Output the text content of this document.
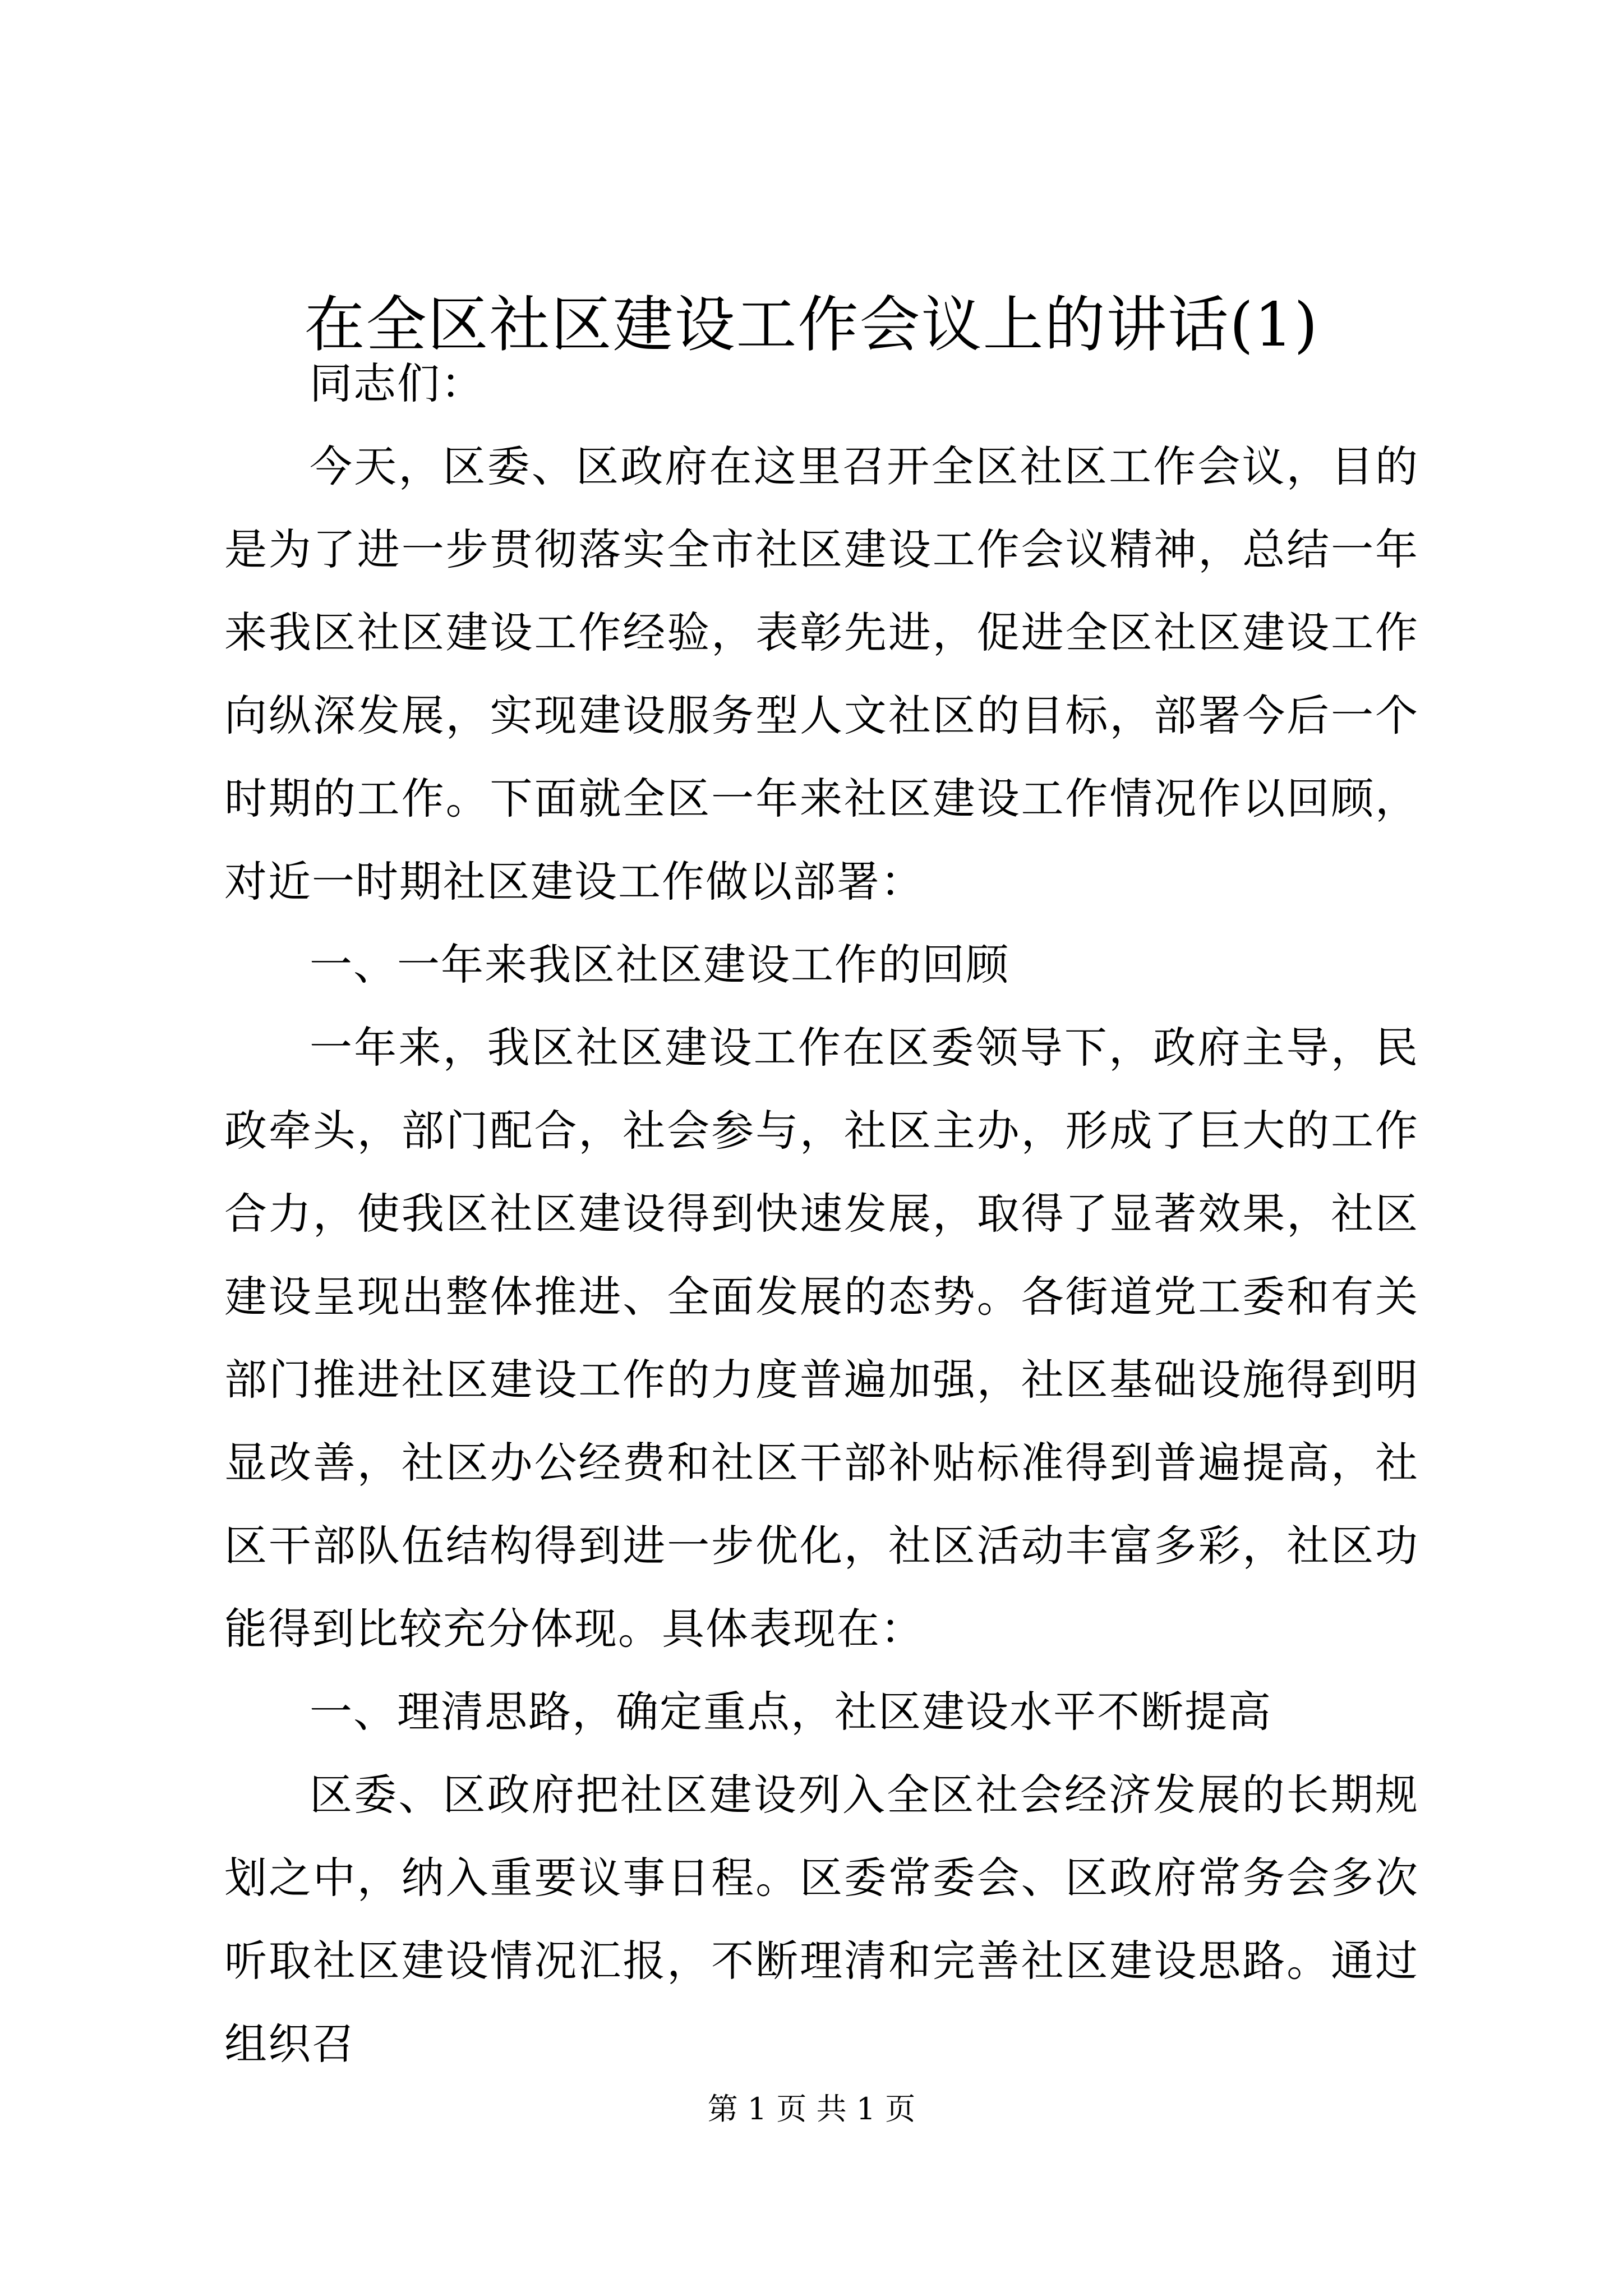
在全区社区建设工作会议上的讲话(1)

同志们：

今天，区委、区政府在这里召开全区社区工作会议，目的是为了进一步贯彻落实全市社区建设工作会议精神，总结一年来我区社区建设工作经验，表彰先进，促进全区社区建设工作向纵深发展，实现建设服务型人文社区的目标，部署今后一个时期的工作。下面就全区一年来社区建设工作情况作以回顾，对近一时期社区建设工作做以部署：

一、一年来我区社区建设工作的回顾

一年来，我区社区建设工作在区委领导下，政府主导，民政牵头，部门配合，社会参与，社区主办，形成了巨大的工作合力，使我区社区建设得到快速发展，取得了显著效果，社区建设呈现出整体推进、全面发展的态势。各街道党工委和有关部门推进社区建设工作的力度普遍加强，社区基础设施得到明显改善，社区办公经费和社区干部补贴标准得到普遍提高，社区干部队伍结构得到进一步优化，社区活动丰富多彩，社区功能得到比较充分体现。具体表现在：

一、理清思路，确定重点，社区建设水平不断提高

区委、区政府把社区建设列入全区社会经济发展的长期规划之中，纳入重要议事日程。区委常委会、区政府常务会多次听取社区建设情况汇报，不断理清和完善社区建设思路。通过组织召

第 1 页 共 1 页
